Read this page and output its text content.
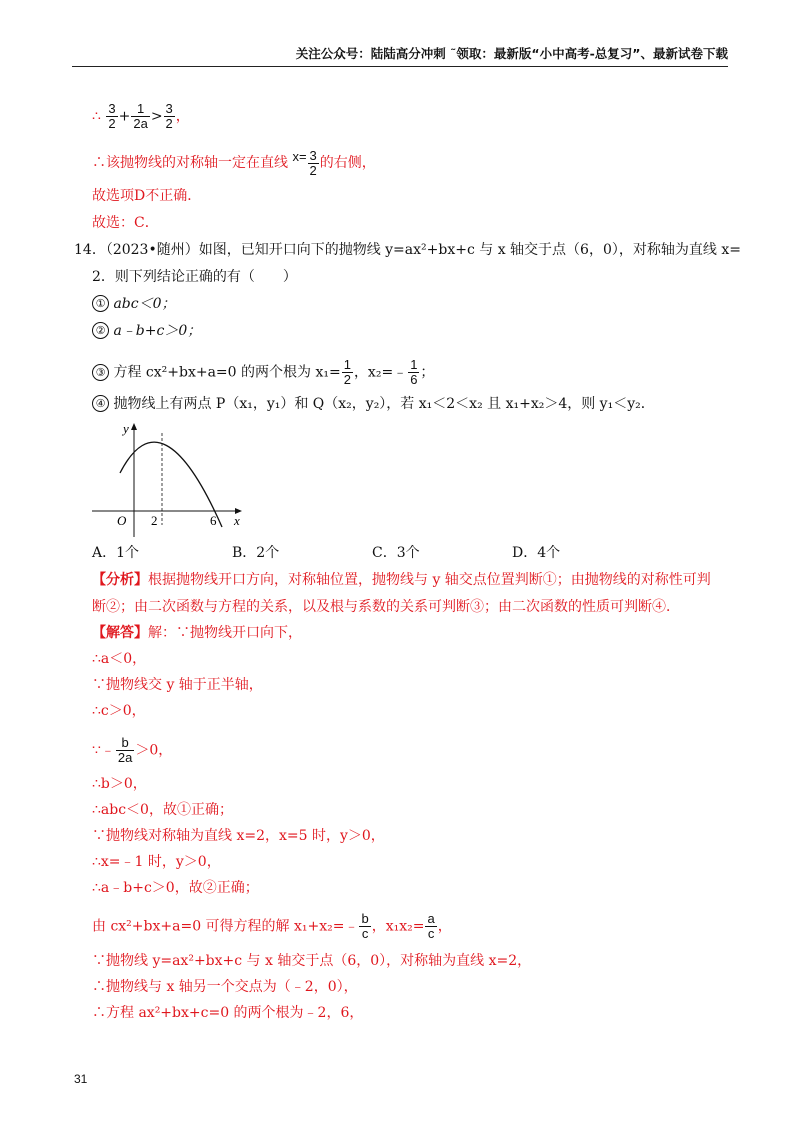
关注公众号：陆陆高分冲刺 ˜领取：最新版“小中高考-总复习”、最新试卷下载
∴ $\frac{3}{2} + \frac{1}{2a} > \frac{3}{2}$ ，
∴该抛物线的对称轴一定在直线 $x= \frac{3}{2}$ 的右侧，
故选项D不正确．
故选：C．
14．（2023•随州）如图，已知开口向下的抛物线 y=ax²+bx+c 与 x 轴交于点（6，0），对称轴为直线 x=
2．则下列结论正确的有（　　）
① abc＜0；
② a﹣b+c＞0；
③ 方程 cx²+bx+a=0 的两个根为 $x_1= \frac{1}{2}$ ，x₂=﹣ $\frac{1}{6}$ ；
④ 抛物线上有两点 P（x₁，y₁）和 Q（x₂，y₂），若 x₁＜2＜x₂ 且 x₁+x₂＞4，则 y₁＜y₂．
y
x
O 2	6
A．1个	B．2个	C．3个	D．4个
【分析】根据抛物线开口方向，对称轴位置，抛物线与 y 轴交点位置判断①；由抛物线的对称性可判
断②；由二次函数与方程的关系，以及根与系数的关系可判断③；由二次函数的性质可判断④．
【解答】解：∵抛物线开口向下，
∴a＜0，
∵抛物线交 y 轴于正半轴，
∴c＞0，
∵﹣ $\frac{b}{2a} >0$，
∴b＞0，
∴abc＜0，故①正确；
∵抛物线对称轴为直线 x=2，x=5 时，y＞0，
∴x=﹣1 时，y＞0，
∴a﹣b+c＞0，故②正确；
由 cx²+bx+a=0 可得方程的解 x₁+x₂=﹣ $\frac{b}{c}$ ，$x_1x_2= \frac{a}{c}$ ，
∵抛物线 y=ax²+bx+c 与 x 轴交于点（6，0），对称轴为直线 x=2，
∴抛物线与 x 轴另一个交点为（﹣2，0），
∴方程 ax²+bx+c=0 的两个根为﹣2，6，
31
